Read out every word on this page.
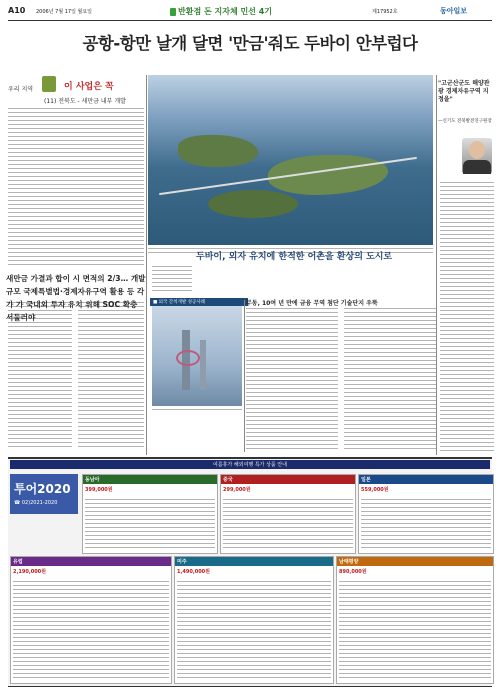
A10 2006년 7월 17일 월요일	반환점 돈 지자체 민선 4기	제17952호	동아일보
공항-항만 날개 달면 '만금'줘도 두바이 안부럽다
우리 지역	이 사업은 꼭
(11) 전북도 - 새만금 내부 개발
"고군산군도 해양관광 경제자유구역 지정을"
—신기도 전북발전연구원장
새만금 가결과 합이 시 면적의 2/3… 개발 규모 국제특별법·경제자유구역 활용 등 각 가 가 국내외 투자 유치 위해 SOC 확충 서둘러야
두바이, 외자 유치에 한적한 어촌을 환상의 도시로
■ 외국 간척개발 성공사례	무동, 10여 년 만에 금융 무역 첨단 기술단지 우뚝
여름휴가 해외여행 특가 상품 안내
투어2020
☎ 02)2021-2020
동남아
399,000원
중국
299,000원
일본
559,000원
유럽
2,190,000원
미주
1,490,000원
남태평양
890,000원
